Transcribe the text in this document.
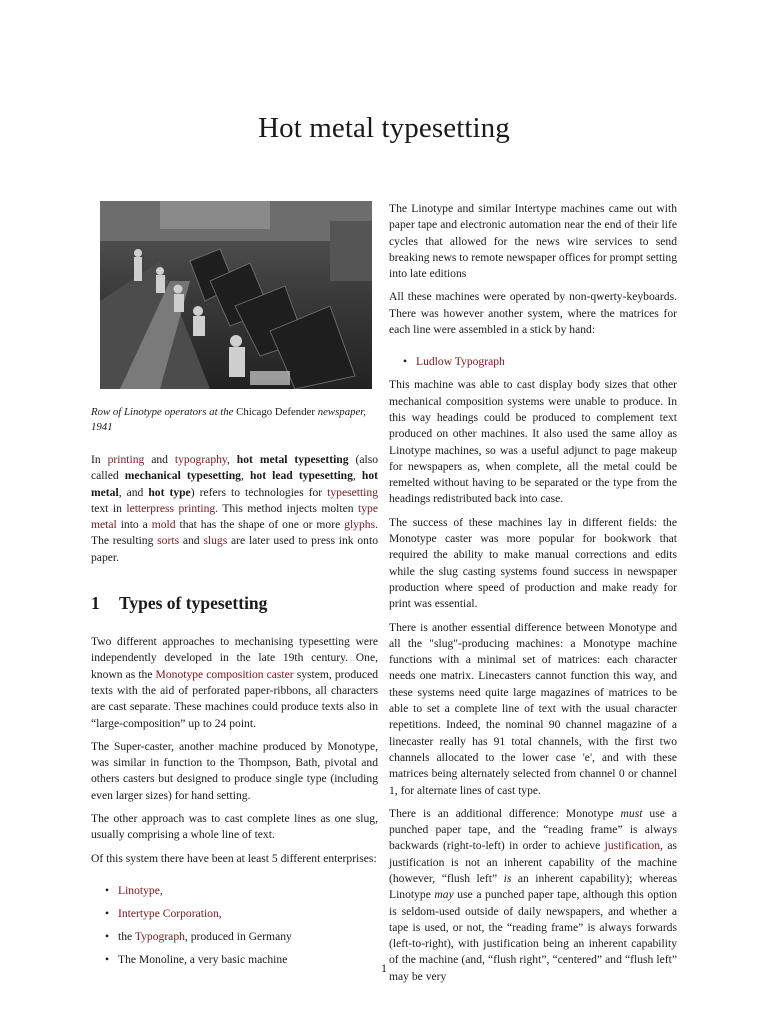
Hot metal typesetting
Row of Linotype operators at the Chicago Defender newspaper, 1941

In printing and typography, hot metal typesetting (also called mechanical typesetting, hot lead typesetting, hot metal, and hot type) refers to technologies for typesetting text in letterpress printing. This method injects molten type metal into a mold that has the shape of one or more glyphs. The resulting sorts and slugs are later used to press ink onto paper.

1 Types of typesetting

Two different approaches to mechanising typesetting were independently developed in the late 19th century. One, known as the Monotype composition caster system, produced texts with the aid of perforated paper-ribbons, all characters are cast separate. These machines could produce texts also in “large-composition” up to 24 point.

The Super-caster, another machine produced by Monotype, was similar in function to the Thompson, Bath, pivotal and others casters but designed to produce single type (including even larger sizes) for hand setting.

The other approach was to cast complete lines as one slug, usually comprising a whole line of text.

Of this system there have been at least 5 different enterprises:

• Linotype,
• Intertype Corporation,
• the Typograph, produced in Germany
• The Monoline, a very basic machine

The Linotype and similar Intertype machines came out with paper tape and electronic automation near the end of their life cycles that allowed for the news wire services to send breaking news to remote newspaper offices for prompt setting into late editions

All these machines were operated by non-qwerty-keyboards. There was however another system, where the matrices for each line were assembled in a stick by hand:

• Ludlow Typograph

This machine was able to cast display body sizes that other mechanical composition systems were unable to produce. In this way headings could be produced to complement text produced on other machines. It also used the same alloy as Linotype machines, so was a useful adjunct to page makeup for newspapers as, when complete, all the metal could be remelted without having to be separated or the type from the headings redistributed back into case.

The success of these machines lay in different fields: the Monotype caster was more popular for bookwork that required the ability to make manual corrections and edits while the slug casting systems found success in newspaper production where speed of production and make ready for print was essential.

There is another essential difference between Monotype and all the "slug"-producing machines: a Monotype machine functions with a minimal set of matrices: each character needs one matrix. Linecasters cannot function this way, and these systems need quite large magazines of matrices to be able to set a complete line of text with the usual character repetitions. Indeed, the nominal 90 channel magazine of a linecaster really has 91 total channels, with the first two channels allocated to the lower case 'e', and with these matrices being alternately selected from channel 0 or channel 1, for alternate lines of cast type.

There is an additional difference: Monotype must use a punched paper tape, and the “reading frame” is always backwards (right-to-left) in order to achieve justification, as justification is not an inherent capability of the machine (however, “flush left” is an inherent capability); whereas Linotype may use a punched paper tape, although this option is seldom-used outside of daily newspapers, and whether a tape is used, or not, the “reading frame” is always forwards (left-to-right), with justification being an inherent capability of the machine (and, “flush right”, “centered” and “flush left” may be very

1
